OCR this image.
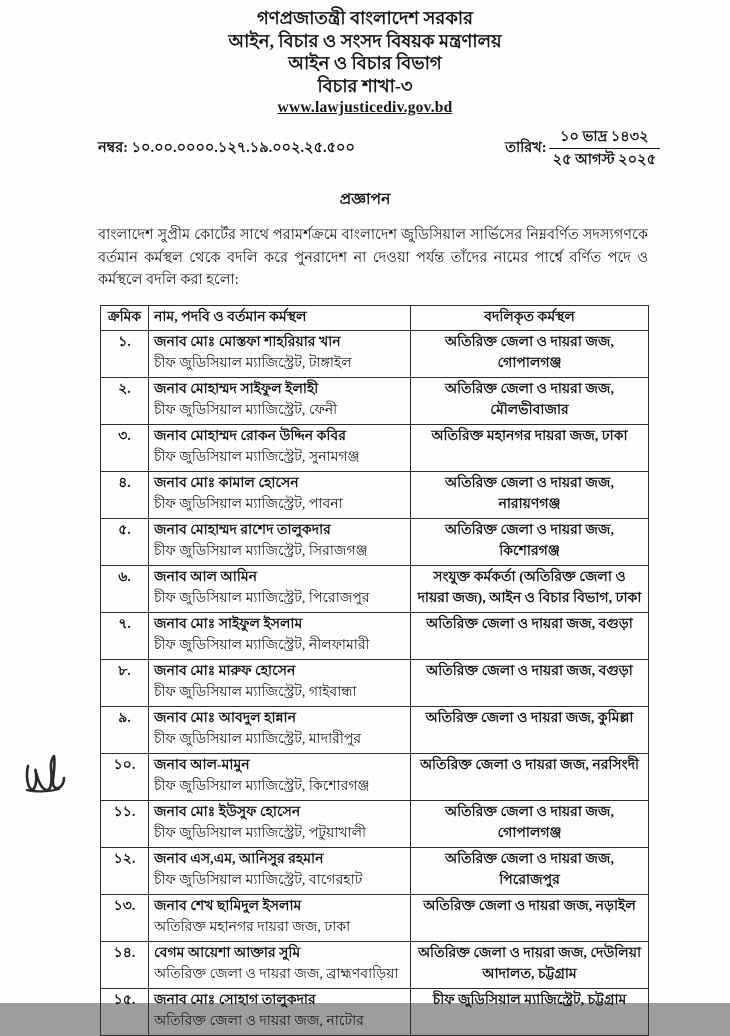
গণপ্রজাতন্ত্রী বাংলাদেশ সরকার
আইন, বিচার ও সংসদ বিষয়ক মন্ত্রণালয়
আইন ও বিচার বিভাগ
বিচার শাখা-৩
www.lawjusticediv.gov.bd
নম্বর: ১০.০০.০০০০.১২৭.১৯.০০২.২৫.৫০০	তারিখ:
১০ ভাদ্র ১৪৩২
২৫ আগস্ট ২০২৫
প্রজ্ঞাপন
বাংলাদেশ সুপ্রীম কোর্টের সাথে পরামর্শক্রমে বাংলাদেশ জুডিসিয়াল সার্ভিসের নিম্নবর্ণিত সদস্যগণকে বর্তমান কর্মস্থল থেকে বদলি করে পুনরাদেশ না দেওয়া পর্যন্ত তাঁদের নামের পার্শ্বে বর্ণিত পদে ও কর্মস্থলে বদলি করা হলো:
ক্রমিক	নাম, পদবি ও বর্তমান কর্মস্থল	বদলিকৃত কর্মস্থল
১.	জনাব মোঃ মোস্তফা শাহরিয়ার খান
চীফ জুডিসিয়াল ম্যাজিস্ট্রেট, টাঙ্গাইল	অতিরিক্ত জেলা ও দায়রা জজ, গোপালগঞ্জ
২.	জনাব মোহাম্মদ সাইফুল ইলাহী
চীফ জুডিসিয়াল ম্যাজিস্ট্রেট, ফেনী	অতিরিক্ত জেলা ও দায়রা জজ, মৌলভীবাজার
৩.	জনাব মোহাম্মদ রোকন উদ্দিন কবির
চীফ জুডিসিয়াল ম্যাজিস্ট্রেট, সুনামগঞ্জ	অতিরিক্ত মহানগর দায়রা জজ, ঢাকা
৪.	জনাব মোঃ কামাল হোসেন
চীফ জুডিসিয়াল ম্যাজিস্ট্রেট, পাবনা	অতিরিক্ত জেলা ও দায়রা জজ, নারায়ণগঞ্জ
৫.	জনাব মোহাম্মদ রাশেদ তালুকদার
চীফ জুডিসিয়াল ম্যাজিস্ট্রেট, সিরাজগঞ্জ	অতিরিক্ত জেলা ও দায়রা জজ, কিশোরগঞ্জ
৬.	জনাব আল আমিন
চীফ জুডিসিয়াল ম্যাজিস্ট্রেট, পিরোজপুর	সংযুক্ত কর্মকর্তা (অতিরিক্ত জেলা ও দায়রা জজ), আইন ও বিচার বিভাগ, ঢাকা
৭.	জনাব মোঃ সাইফুল ইসলাম
চীফ জুডিসিয়াল ম্যাজিস্ট্রেট, নীলফামারী	অতিরিক্ত জেলা ও দায়রা জজ, বগুড়া
৮.	জনাব মোঃ মারুফ হোসেন
চীফ জুডিসিয়াল ম্যাজিস্ট্রেট, গাইবান্ধা	অতিরিক্ত জেলা ও দায়রা জজ, বগুড়া
৯.	জনাব মোঃ আবদুল হান্নান
চীফ জুডিসিয়াল ম্যাজিস্ট্রেট, মাদারীপুর	অতিরিক্ত জেলা ও দায়রা জজ, কুমিল্লা
১০.	জনাব আল-মামুন
চীফ জুডিসিয়াল ম্যাজিস্ট্রেট, কিশোরগঞ্জ	অতিরিক্ত জেলা ও দায়রা জজ, নরসিংদী
১১.	জনাব মোঃ ইউসুফ হোসেন
চীফ জুডিসিয়াল ম্যাজিস্ট্রেট, পটুয়াখালী	অতিরিক্ত জেলা ও দায়রা জজ, গোপালগঞ্জ
১২.	জনাব এস,এম, আনিসুর রহমান
চীফ জুডিসিয়াল ম্যাজিস্ট্রেট, বাগেরহাট	অতিরিক্ত জেলা ও দায়রা জজ, পিরোজপুর
১৩.	জনাব শেখ ছামিদুল ইসলাম
অতিরিক্ত মহানগর দায়রা জজ, ঢাকা	অতিরিক্ত জেলা ও দায়রা জজ, নড়াইল
১৪.	বেগম আয়েশা আক্তার সুমি
অতিরিক্ত জেলা ও দায়রা জজ, ব্রাহ্মণবাড়িয়া	অতিরিক্ত জেলা ও দায়রা জজ, দেউলিয়া আদালত, চট্টগ্রাম
১৫.	জনাব মোঃ সোহাগ তালুকদার
অতিরিক্ত জেলা ও দায়রা জজ, নাটোর	চীফ জুডিসিয়াল ম্যাজিস্ট্রেট, চট্টগ্রাম
